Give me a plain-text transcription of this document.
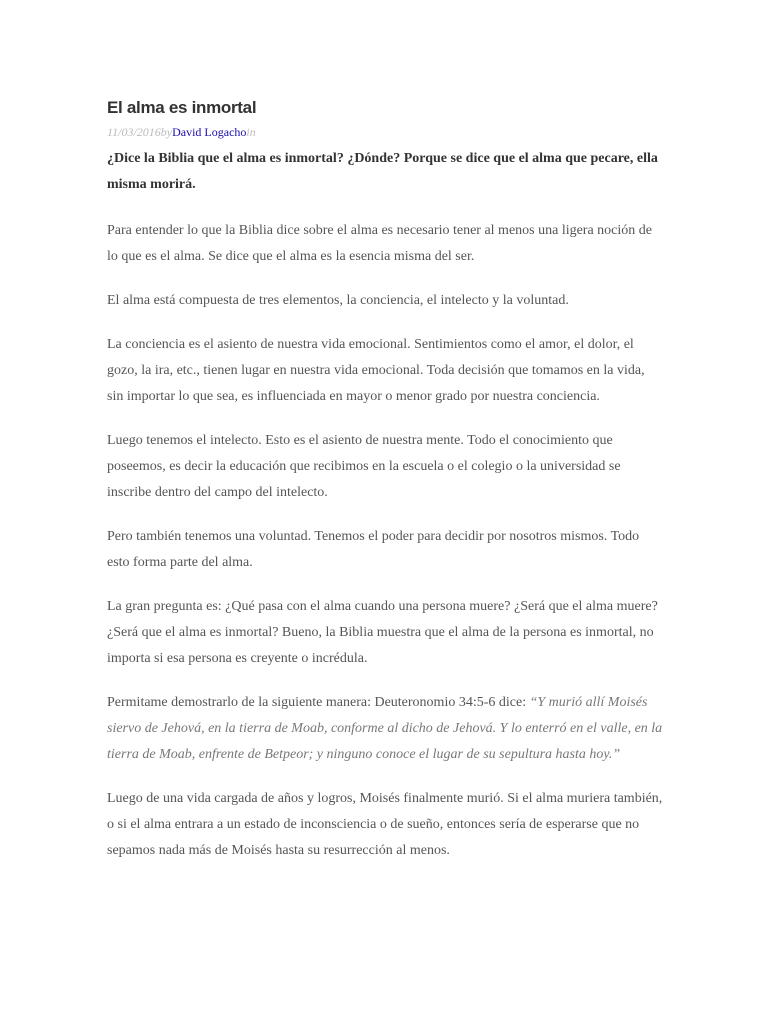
El alma es inmortal
11/03/2016byDavid Logachoin
¿Dice la Biblia que el alma es inmortal? ¿Dónde? Porque se dice que el alma que pecare, ella misma morirá.

Para entender lo que la Biblia dice sobre el alma es necesario tener al menos una ligera noción de lo que es el alma. Se dice que el alma es la esencia misma del ser.

El alma está compuesta de tres elementos, la conciencia, el intelecto y la voluntad.

La conciencia es el asiento de nuestra vida emocional. Sentimientos como el amor, el dolor, el gozo, la ira, etc., tienen lugar en nuestra vida emocional. Toda decisión que tomamos en la vida, sin importar lo que sea, es influenciada en mayor o menor grado por nuestra conciencia.

Luego tenemos el intelecto. Esto es el asiento de nuestra mente. Todo el conocimiento que poseemos, es decir la educación que recibimos en la escuela o el colegio o la universidad se inscribe dentro del campo del intelecto.

Pero también tenemos una voluntad. Tenemos el poder para decidir por nosotros mismos. Todo esto forma parte del alma.

La gran pregunta es: ¿Qué pasa con el alma cuando una persona muere? ¿Será que el alma muere? ¿Será que el alma es inmortal? Bueno, la Biblia muestra que el alma de la persona es inmortal, no importa si esa persona es creyente o incrédula.

Permitame demostrarlo de la siguiente manera: Deuteronomio 34:5-6 dice: “Y murió allí Moisés siervo de Jehová, en la tierra de Moab, conforme al dicho de Jehová. Y lo enterró en el valle, en la tierra de Moab, enfrente de Betpeor; y ninguno conoce el lugar de su sepultura hasta hoy.”

Luego de una vida cargada de años y logros, Moisés finalmente murió. Si el alma muriera también, o si el alma entrara a un estado de inconsciencia o de sueño, entonces sería de esperarse que no sepamos nada más de Moisés hasta su resurrección al menos.
